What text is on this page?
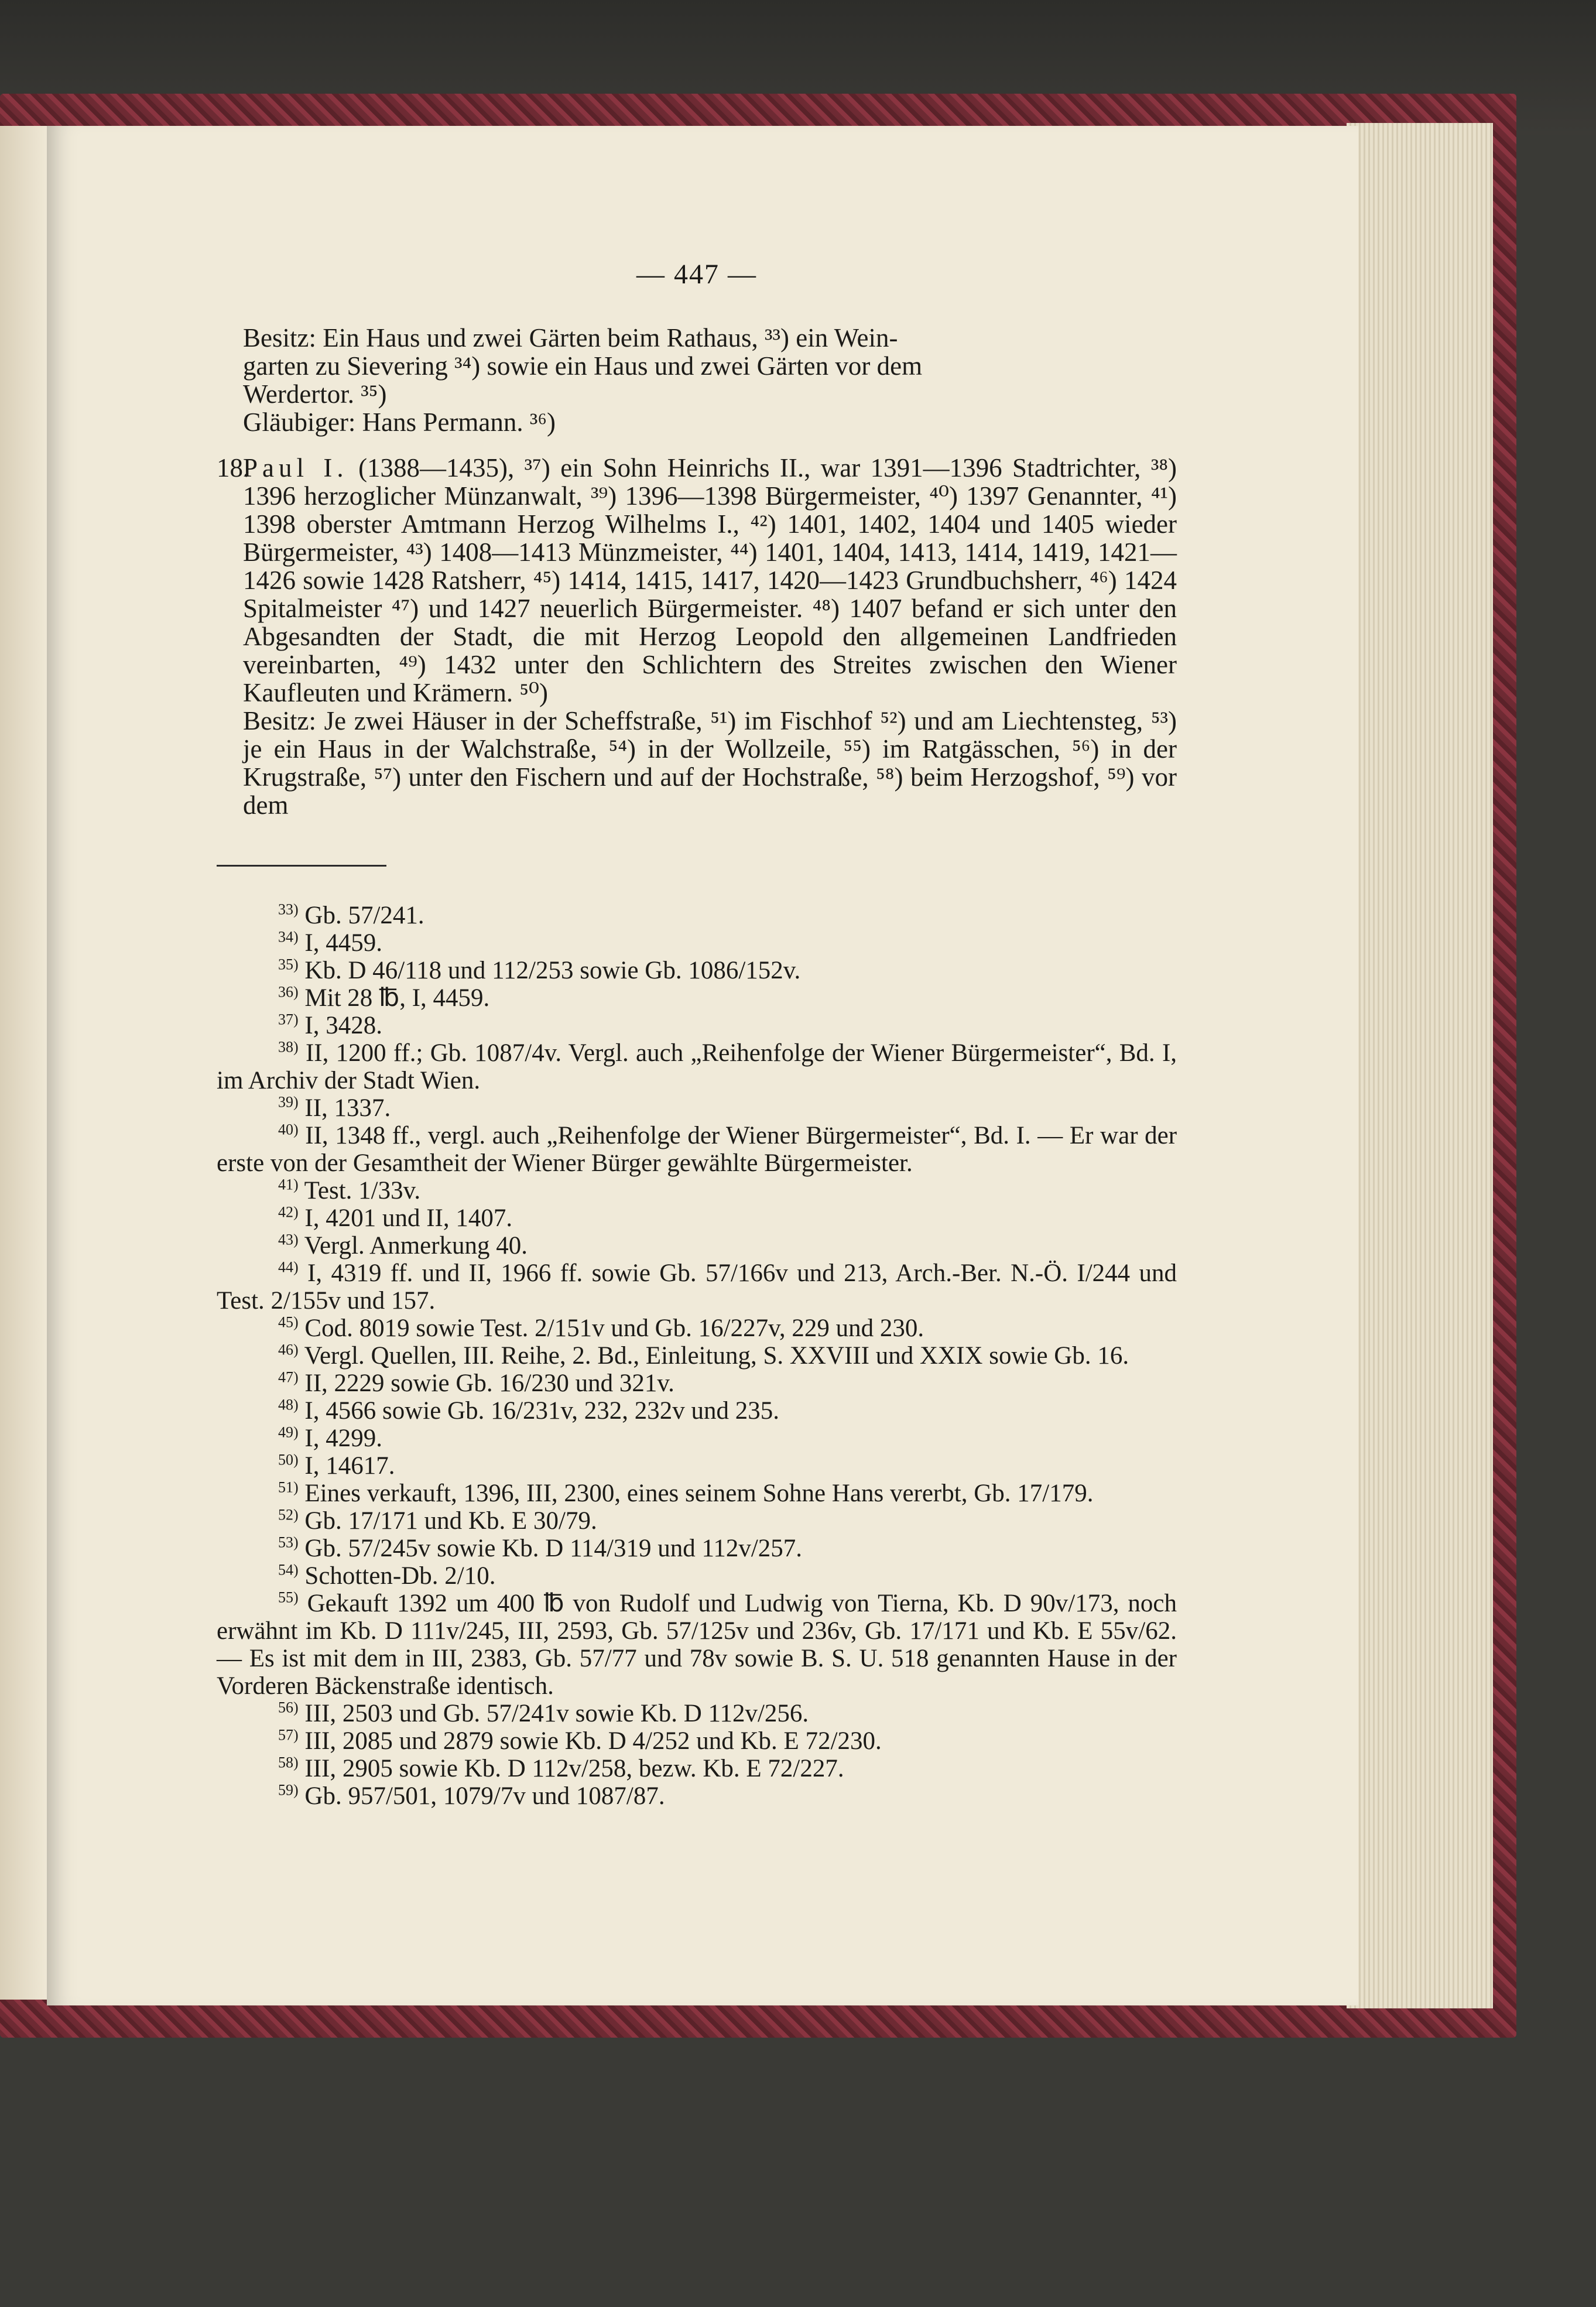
— 447 —

Besitz: Ein Haus und zwei Gärten beim Rathaus, ³³) ein Wein-

garten zu Sievering ³⁴) sowie ein Haus und zwei Gärten vor dem

Werdertor. ³⁵)

Gläubiger: Hans Permann. ³⁶)

18.

Paul I. (1388—1435), ³⁷) ein Sohn Heinrichs II., war 1391—1396 Stadtrichter, ³⁸) 1396 herzoglicher Münzanwalt, ³⁹) 1396—1398 Bürgermeister, ⁴⁰) 1397 Genannter, ⁴¹) 1398 oberster Amtmann Herzog Wilhelms I., ⁴²) 1401, 1402, 1404 und 1405 wieder Bürgermeister, ⁴³) 1408—1413 Münzmeister, ⁴⁴) 1401, 1404, 1413, 1414, 1419, 1421—1426 sowie 1428 Ratsherr, ⁴⁵) 1414, 1415, 1417, 1420—1423 Grundbuchsherr, ⁴⁶) 1424 Spitalmeister ⁴⁷) und 1427 neuerlich Bürgermeister. ⁴⁸) 1407 befand er sich unter den Abgesandten der Stadt, die mit Herzog Leopold den allgemeinen Landfrieden vereinbarten, ⁴⁹) 1432 unter den Schlichtern des Streites zwischen den Wiener Kaufleuten und Krämern. ⁵⁰)

Besitz: Je zwei Häuser in der Scheffstraße, ⁵¹) im Fischhof ⁵²) und am Liechtensteg, ⁵³) je ein Haus in der Walchstraße, ⁵⁴) in der Wollzeile, ⁵⁵) im Ratgässchen, ⁵⁶) in der Krugstraße, ⁵⁷) unter den Fischern und auf der Hochstraße, ⁵⁸) beim Herzogshof, ⁵⁹) vor dem

$^{33)}$ Gb. 57/241.

$^{34)}$ I, 4459.

$^{35)}$ Kb. D 46/118 und 112/253 sowie Gb. 1086/152v.

$^{36)}$ Mit 28 ℔, I, 4459.

$^{37)}$ I, 3428.

$^{38)}$ II, 1200 ff.; Gb. 1087/4v. Vergl. auch „Reihenfolge der Wiener Bürgermeister“, Bd. I, im Archiv der Stadt Wien.

$^{39)}$ II, 1337.

$^{40)}$ II, 1348 ff., vergl. auch „Reihenfolge der Wiener Bürgermeister“, Bd. I. — Er war der erste von der Gesamtheit der Wiener Bürger gewählte Bürgermeister.

$^{41)}$ Test. 1/33v.

$^{42)}$ I, 4201 und II, 1407.

$^{43)}$ Vergl. Anmerkung 40.

$^{44)}$ I, 4319 ff. und II, 1966 ff. sowie Gb. 57/166v und 213, Arch.-Ber. N.-Ö. I/244 und Test. 2/155v und 157.

$^{45)}$ Cod. 8019 sowie Test. 2/151v und Gb. 16/227v, 229 und 230.

$^{46)}$ Vergl. Quellen, III. Reihe, 2. Bd., Einleitung, S. XXVIII und XXIX sowie Gb. 16.

$^{47)}$ II, 2229 sowie Gb. 16/230 und 321v.

$^{48)}$ I, 4566 sowie Gb. 16/231v, 232, 232v und 235.

$^{49)}$ I, 4299.

$^{50)}$ I, 14617.

$^{51)}$ Eines verkauft, 1396, III, 2300, eines seinem Sohne Hans vererbt, Gb. 17/179.

$^{52)}$ Gb. 17/171 und Kb. E 30/79.

$^{53)}$ Gb. 57/245v sowie Kb. D 114/319 und 112v/257.

$^{54)}$ Schotten-Db. 2/10.

$^{55)}$ Gekauft 1392 um 400 ℔ von Rudolf und Ludwig von Tierna, Kb. D 90v/173, noch erwähnt im Kb. D 111v/245, III, 2593, Gb. 57/125v und 236v, Gb. 17/171 und Kb. E 55v/62. — Es ist mit dem in III, 2383, Gb. 57/77 und 78v sowie B. S. U. 518 genannten Hause in der Vorderen Bäckenstraße identisch.

$^{56)}$ III, 2503 und Gb. 57/241v sowie Kb. D 112v/256.

$^{57)}$ III, 2085 und 2879 sowie Kb. D 4/252 und Kb. E 72/230.

$^{58)}$ III, 2905 sowie Kb. D 112v/258, bezw. Kb. E 72/227.

$^{59)}$ Gb. 957/501, 1079/7v und 1087/87.
